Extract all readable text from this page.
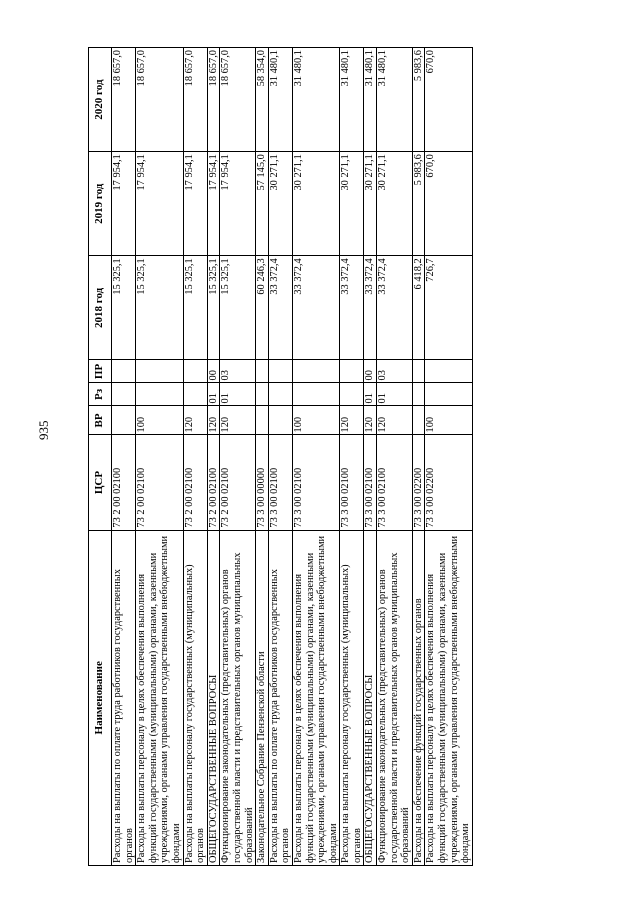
935
Наименование	ЦСР	ВР	Рз	ПР	2018 год	2019 год	2020 год
Расходы на выплаты по оплате труда работников государственных органов	73 2 00 02100				15 325,1	17 954,1	18 657,0
Расходы на выплаты персоналу в целях обеспечения выполнения функций государственными (муниципальными) органами, казенными учреждениями, органами управления государственными внебюджетными фондами	73 2 00 02100	100			15 325,1	17 954,1	18 657,0
Расходы на выплаты персоналу государственных (муниципальных) органов	73 2 00 02100	120			15 325,1	17 954,1	18 657,0
ОБЩЕГОСУДАРСТВЕННЫЕ ВОПРОСЫ	73 2 00 02100	120	01	00	15 325,1	17 954,1	18 657,0
Функционирование законодательных (представительных) органов государственной власти и представительных органов муниципальных образований	73 2 00 02100	120	01	03	15 325,1	17 954,1	18 657,0
Законодательное Собрание Пензенской области	73 3 00 00000				60 246,3	57 145,0	58 354,0
Расходы на выплаты по оплате труда работников государственных органов	73 3 00 02100				33 372,4	30 271,1	31 480,1
Расходы на выплаты персоналу в целях обеспечения выполнения функций государственными (муниципальными) органами, казенными учреждениями, органами управления государственными внебюджетными фондами	73 3 00 02100	100			33 372,4	30 271,1	31 480,1
Расходы на выплаты персоналу государственных (муниципальных) органов	73 3 00 02100	120			33 372,4	30 271,1	31 480,1
ОБЩЕГОСУДАРСТВЕННЫЕ ВОПРОСЫ	73 3 00 02100	120	01	00	33 372,4	30 271,1	31 480,1
Функционирование законодательных (представительных) органов государственной власти и представительных органов муниципальных образований	73 3 00 02100	120	01	03	33 372,4	30 271,1	31 480,1
Расходы на обеспечение функций государственных органов	73 3 00 02200				6 418,2	5 983,6	5 983,6
Расходы на выплаты персоналу в целях обеспечения выполнения функций государственными (муниципальными) органами, казенными учреждениями, органами управления государственными внебюджетными фондами	73 3 00 02200	100			726,7	670,0	670,0
